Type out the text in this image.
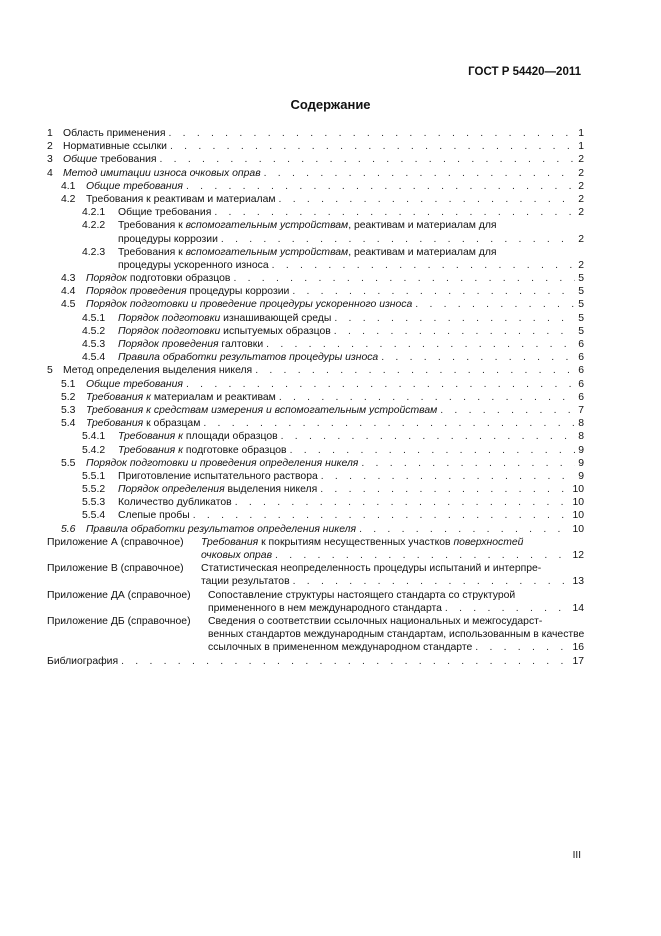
ГОСТ Р 54420—2011
Содержание
1 Область применения . . .	1
2 Нормативные ссылки . . .	1
3 Общие требования . . .	2
4 Метод имитации износа очковых оправ . . .	2
4.1	Общие требования . . .	2
4.2	Требования к реактивам и материалам . . .	2
4.2.1	Общие требования . . .	2
4.2.2	Требования к вспомогательным устройствам, реактивам и материалам для
процедуры коррозии . . .	2
4.2.3	Требования к вспомогательным устройствам, реактивам и материалам для
процедуры ускоренного износа . . .	2
4.3	Порядок подготовки образцов . . .	5
4.4	Порядок проведения процедуры коррозии . . .	5
4.5	Порядок подготовки и проведение процедуры ускоренного износа . . .	5
4.5.1	Порядок подготовки изнашивающей среды . . .	5
4.5.2	Порядок подготовки испытуемых образцов . . .	5
4.5.3	Порядок проведения галтовки . . .	6
4.5.4	Правила обработки результатов процедуры износа . . .	6
5 Метод определения выделения никеля . . .	6
5.1	Общие требования . . .	6
5.2	Требования к материалам и реактивам . . .	6
5.3	Требования к средствам измерения и вспомогательным устройствам . . .	7
5.4	Требования к образцам . . .	8
5.4.1	Требования к площади образцов . . .	8
5.4.2	Требования к подготовке образцов . . .	9
5.5	Порядок подготовки и проведения определения никеля . . .	9
5.5.1	Приготовление испытательного раствора . . .	9
5.5.2	Порядок определения выделения никеля . . .	10
5.5.3	Количество дубликатов . . .	10
5.5.4	Слепые пробы . . .	10
5.6	Правила обработки результатов определения никеля . . .	10
Приложение А (справочное)	Требования к покрытиям несущественных участков поверхностей
очковых оправ . . .	12
Приложение В (справочное)	Статистическая неопределенность процедуры испытаний и интерпре-
тации результатов . . .	13
Приложение ДА (справочное)	Сопоставление структуры настоящего стандарта со структурой
примененного в нем международного стандарта . . .	14
Приложение ДБ (справочное)	Сведения о соответствии ссылочных национальных и межгосударст-
венных стандартов международным стандартам, использованным в качестве
ссылочных в примененном международном стандарте . . .	16
Библиография . . .	17
III
